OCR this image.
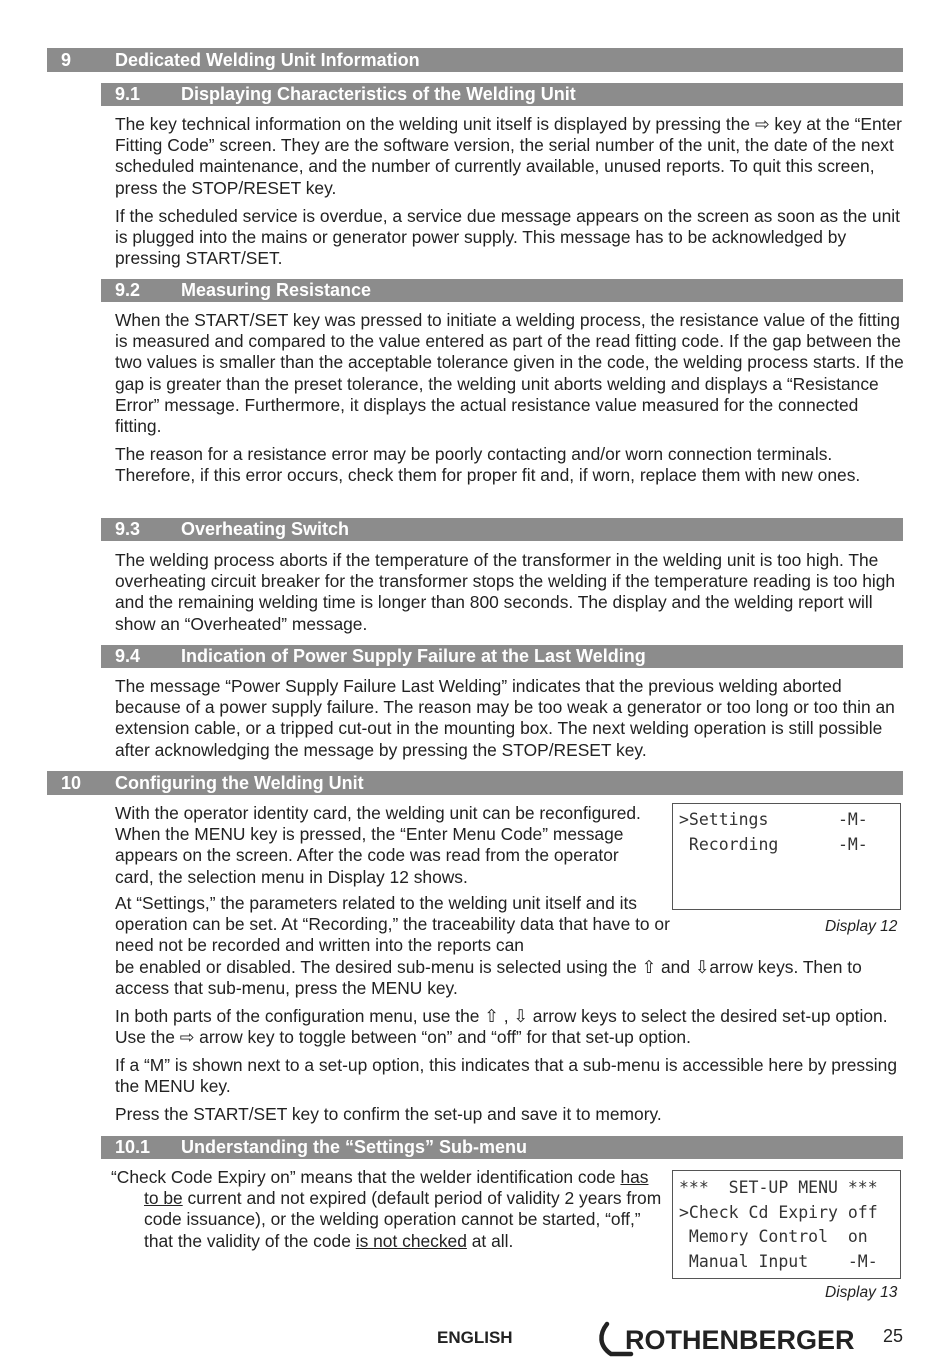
9 Dedicated Welding Unit Information
9.1 Displaying Characteristics of the Welding Unit

The key technical information on the welding unit itself is displayed by pressing the ⇨ key at the “Enter Fitting Code” screen. They are the software version, the serial number of the unit, the date of the next scheduled maintenance, and the number of currently available, unused reports. To quit this screen, press the STOP/RESET key.

If the scheduled service is overdue, a service due message appears on the screen as soon as the unit is plugged into the mains or generator power supply. This message has to be acknowledged by pressing START/SET.

9.2 Measuring Resistance

When the START/SET key was pressed to initiate a welding process, the resistance value of the fitting is measured and compared to the value entered as part of the read fitting code. If the gap between the two values is smaller than the acceptable tolerance given in the code, the welding process starts. If the gap is greater than the preset tolerance, the welding unit aborts welding and displays a “Resistance Error” message. Furthermore, it displays the actual resistance value measured for the connected fitting.

The reason for a resistance error may be poorly contacting and/or worn connection terminals. Therefore, if this error occurs, check them for proper fit and, if worn, replace them with new ones.

9.3 Overheating Switch

The welding process aborts if the temperature of the transformer in the welding unit is too high. The overheating circuit breaker for the transformer stops the welding if the temperature reading is too high and the remaining welding time is longer than 800 seconds. The display and the welding report will show an “Overheated” message.

9.4 Indication of Power Supply Failure at the Last Welding

The message “Power Supply Failure Last Welding” indicates that the previous welding aborted because of a power supply failure. The reason may be too weak a generator or too long or too thin an extension cable, or a tripped cut-out in the mounting box. The next welding operation is still possible after acknowledging the message by pressing the STOP/RESET key.

10 Configuring the Welding Unit

With the operator identity card, the welding unit can be reconfigured. When the MENU key is pressed, the “Enter Menu Code” message appears on the screen. After the code was read from the operator card, the selection menu in Display 12 shows.

At “Settings,” the parameters related to the welding unit itself and its operation can be set. At “Recording,” the traceability data that have to or need not be recorded and written into the reports can

be enabled or disabled. The desired sub-menu is selected using the ⇧ and ⇩arrow keys. Then to access that sub-menu, press the MENU key.

In both parts of the configuration menu, use the ⇧ , ⇩ arrow keys to select the desired set-up option. Use the ⇨ arrow key to toggle between “on” and “off” for that set-up option.

If a “M” is shown next to a set-up option, this indicates that a sub-menu is accessible here by pressing the MENU key.

Press the START/SET key to confirm the set-up and save it to memory.

>Settings       -M-
Recording      -M-
Display 12
10.1 Understanding the “Settings” Sub-menu

“Check Code Expiry on” means that the welder identification code has to be current and not expired (default period of validity 2 years from code issuance), or the welding operation cannot be started, “off,” that the validity of the code is not checked at all.

***  SET-UP MENU ***
>Check Cd Expiry off
Memory Control  on
Manual Input    -M-
Display 13
ENGLISH	ROTHENBERGER 25
